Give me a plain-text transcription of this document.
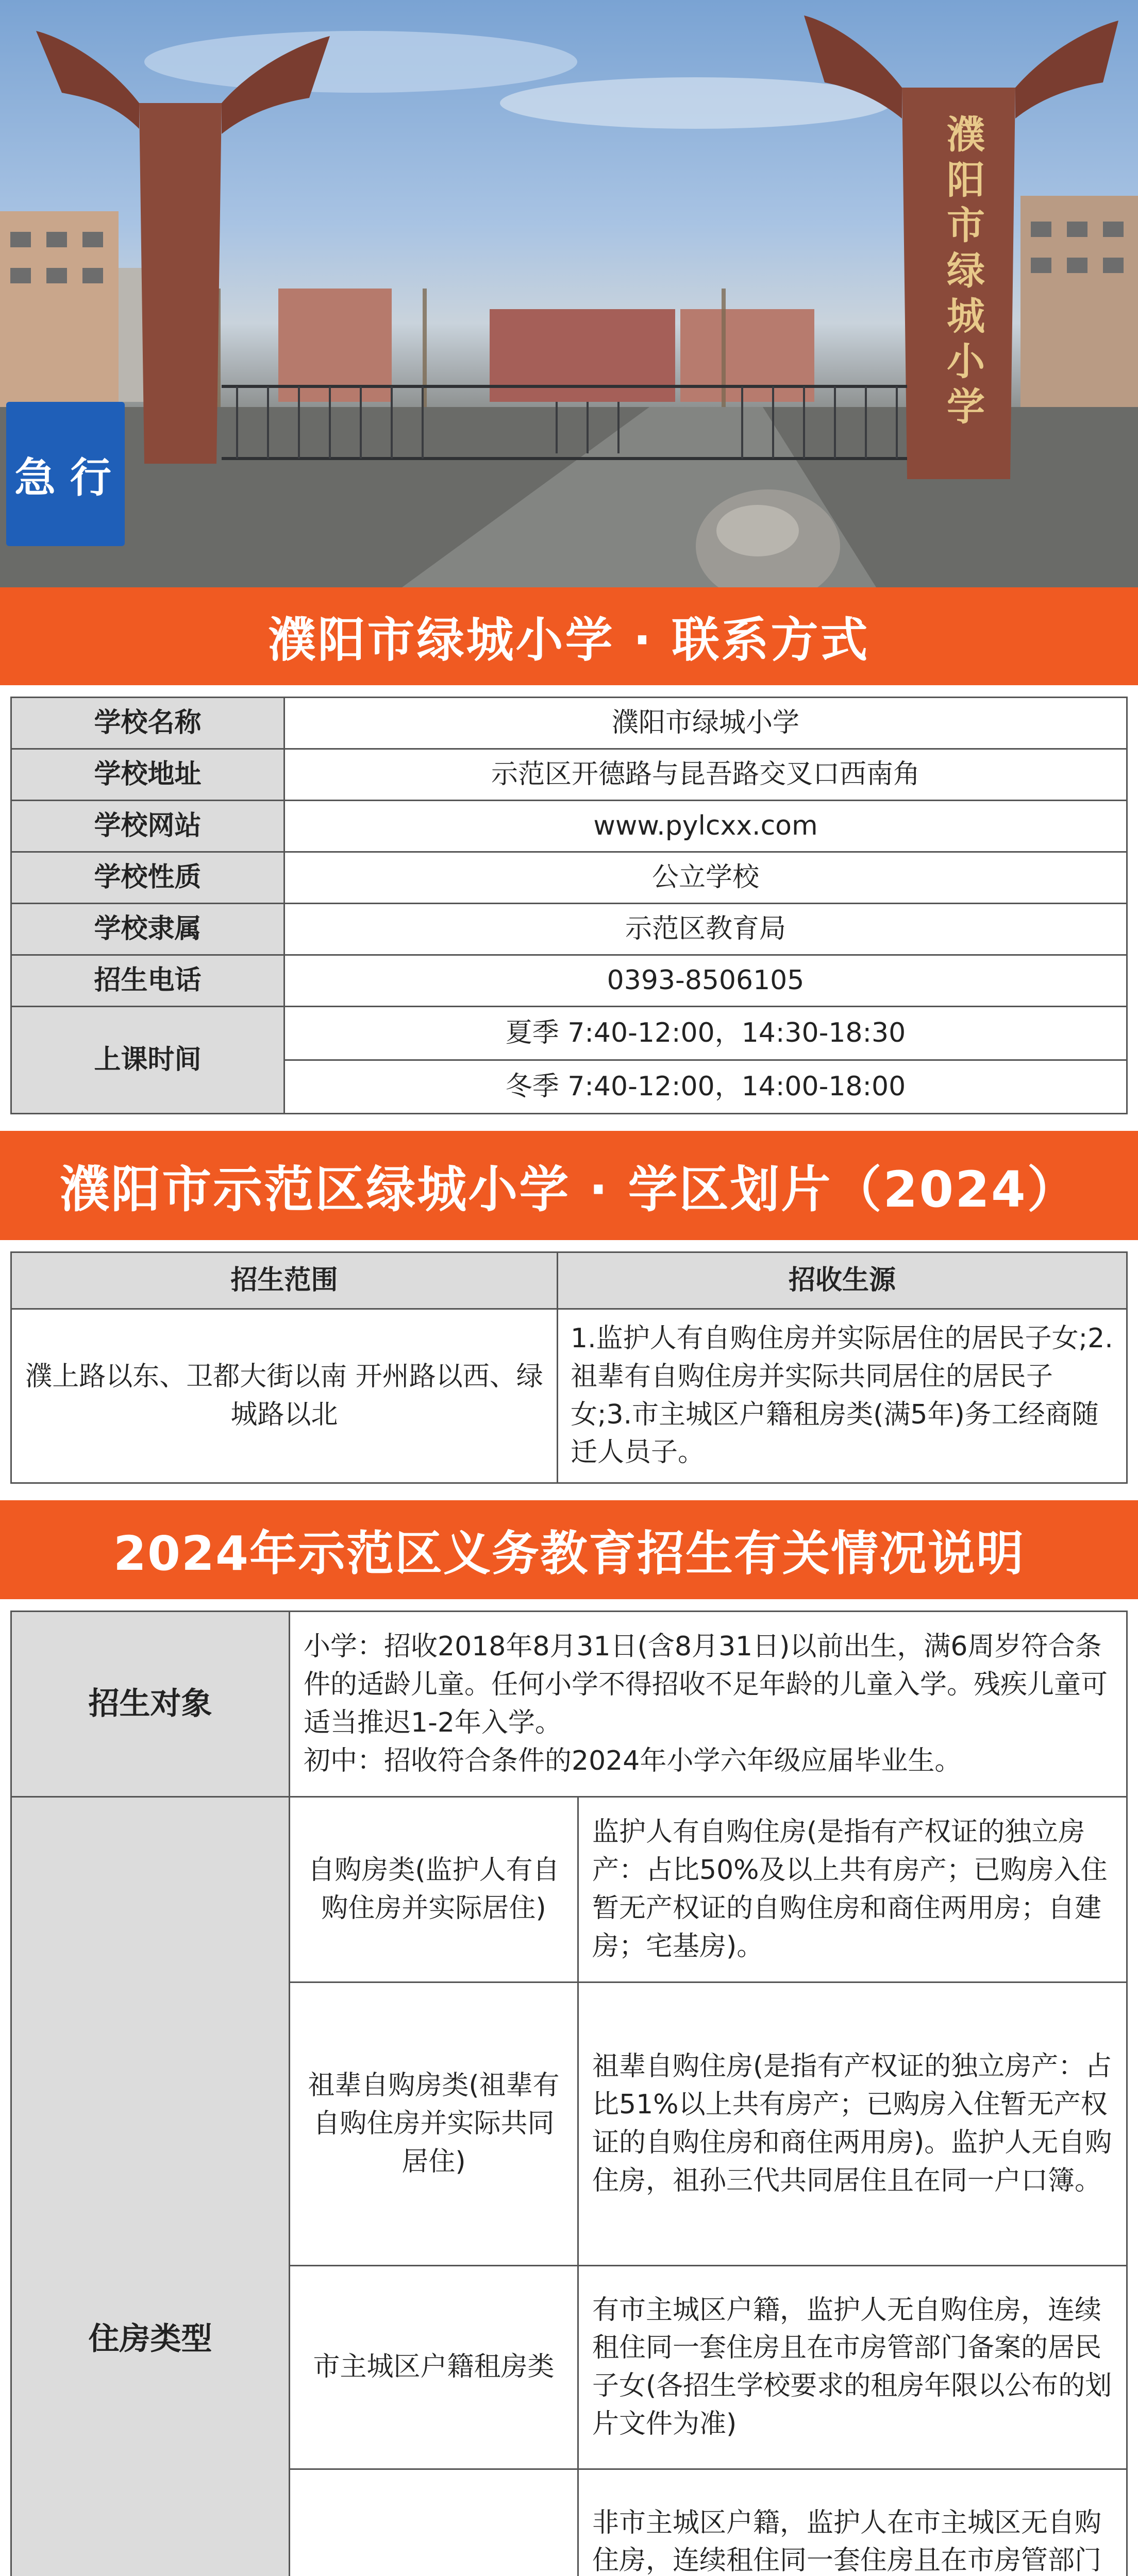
濮阳市绿城小学
急 行
濮阳市绿城小学 · 联系方式
学校名称	濮阳市绿城小学
学校地址	示范区开德路与昆吾路交叉口西南角
学校网站	www.pylcxx.com
学校性质	公立学校
学校隶属	示范区教育局
招生电话	0393-8506105
上课时间	夏季 7:40-12:00，14:30-18:30
	冬季 7:40-12:00，14:00-18:00
濮阳市示范区绿城小学 · 学区划片（2024）
招生范围	招收生源
濮上路以东、卫都大街以南 开州路以西、绿城路以北	1.监护人有自购住房并实际居住的居民子女;2.祖辈有自购住房并实际共同居住的居民子女;3.市主城区户籍租房类(满5年)务工经商随迁人员子。
2024年示范区义务教育招生有关情况说明
招生对象	小学：招收2018年8月31日(含8月31日)以前出生，满6周岁符合条件的适龄儿童。任何小学不得招收不足年龄的儿童入学。残疾儿童可适当推迟1-2年入学。
初中：招收符合条件的2024年小学六年级应届毕业生。	

住房类型	自购房类(监护人有自购住房并实际居住)	监护人有自购住房(是指有产权证的独立房产：占比50%及以上共有房产；已购房入住暂无产权证的自购住房和商住两用房；自建房；宅基房)。
	祖辈自购房类(祖辈有自购住房并实际共同居住)	祖辈自购住房(是指有产权证的独立房产：占比51%以上共有房产；已购房入住暂无产权证的自购住房和商住两用房)。监护人无自购住房，祖孙三代共同居住且在同一户口簿。
	市主城区户籍租房类	有市主城区户籍，监护人无自购住房，连续租住同一套住房且在市房管部门备案的居民子女(各招生学校要求的租房年限以公布的划片文件为准)
	非市主城区户籍，监护人在市主城区无自购住房，连续租住同一套住房且在市房管部门
